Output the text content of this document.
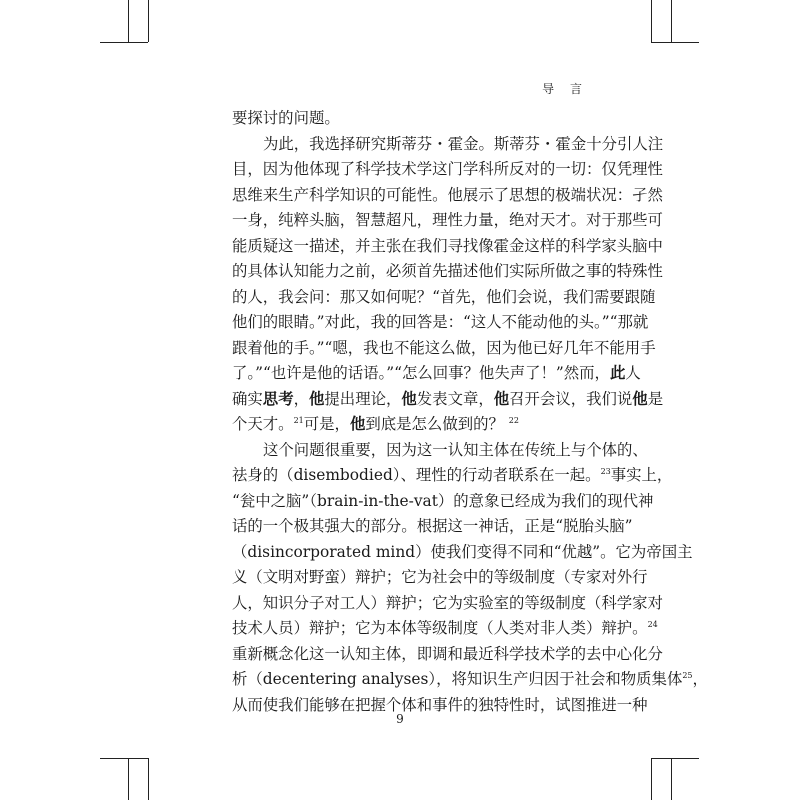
导 言
要探讨的问题。
为此，我选择研究斯蒂芬・霍金。斯蒂芬・霍金十分引人注
目，因为他体现了科学技术学这门学科所反对的一切：仅凭理性
思维来生产科学知识的可能性。他展示了思想的极端状况：孑然
一身，纯粹头脑，智慧超凡，理性力量，绝对天才。对于那些可
能质疑这一描述，并主张在我们寻找像霍金这样的科学家头脑中
的具体认知能力之前，必须首先描述他们实际所做之事的特殊性
的人，我会问：那又如何呢？“首先，他们会说，我们需要跟随
他们的眼睛。”对此，我的回答是：“这人不能动他的头。”“那就
跟着他的手。”“嗯，我也不能这么做，因为他已好几年不能用手
了。”“也许是他的话语。”“怎么回事？他失声了！”然而，此人
确实思考，他提出理论，他发表文章，他召开会议，我们说他是
个天才。$^{21}$可是，他到底是怎么做到的？ $^{22}$
这个问题很重要，因为这一认知主体在传统上与个体的、
祛身的（disembodied）、理性的行动者联系在一起。$^{23}$事实上，
“瓮中之脑”（brain-in-the-vat）的意象已经成为我们的现代神
话的一个极其强大的部分。根据这一神话，正是“脱胎头脑”
（disincorporated mind）使我们变得不同和“优越”。它为帝国主
义（文明对野蛮）辩护；它为社会中的等级制度（专家对外行
人，知识分子对工人）辩护；它为实验室的等级制度（科学家对
技术人员）辩护；它为本体等级制度（人类对非人类）辩护。$^{24}$
重新概念化这一认知主体，即调和最近科学技术学的去中心化分
析（decentering analyses），将知识生产归因于社会和物质集体$^{25}$，
从而使我们能够在把握个体和事件的独特性时，试图推进一种
9
